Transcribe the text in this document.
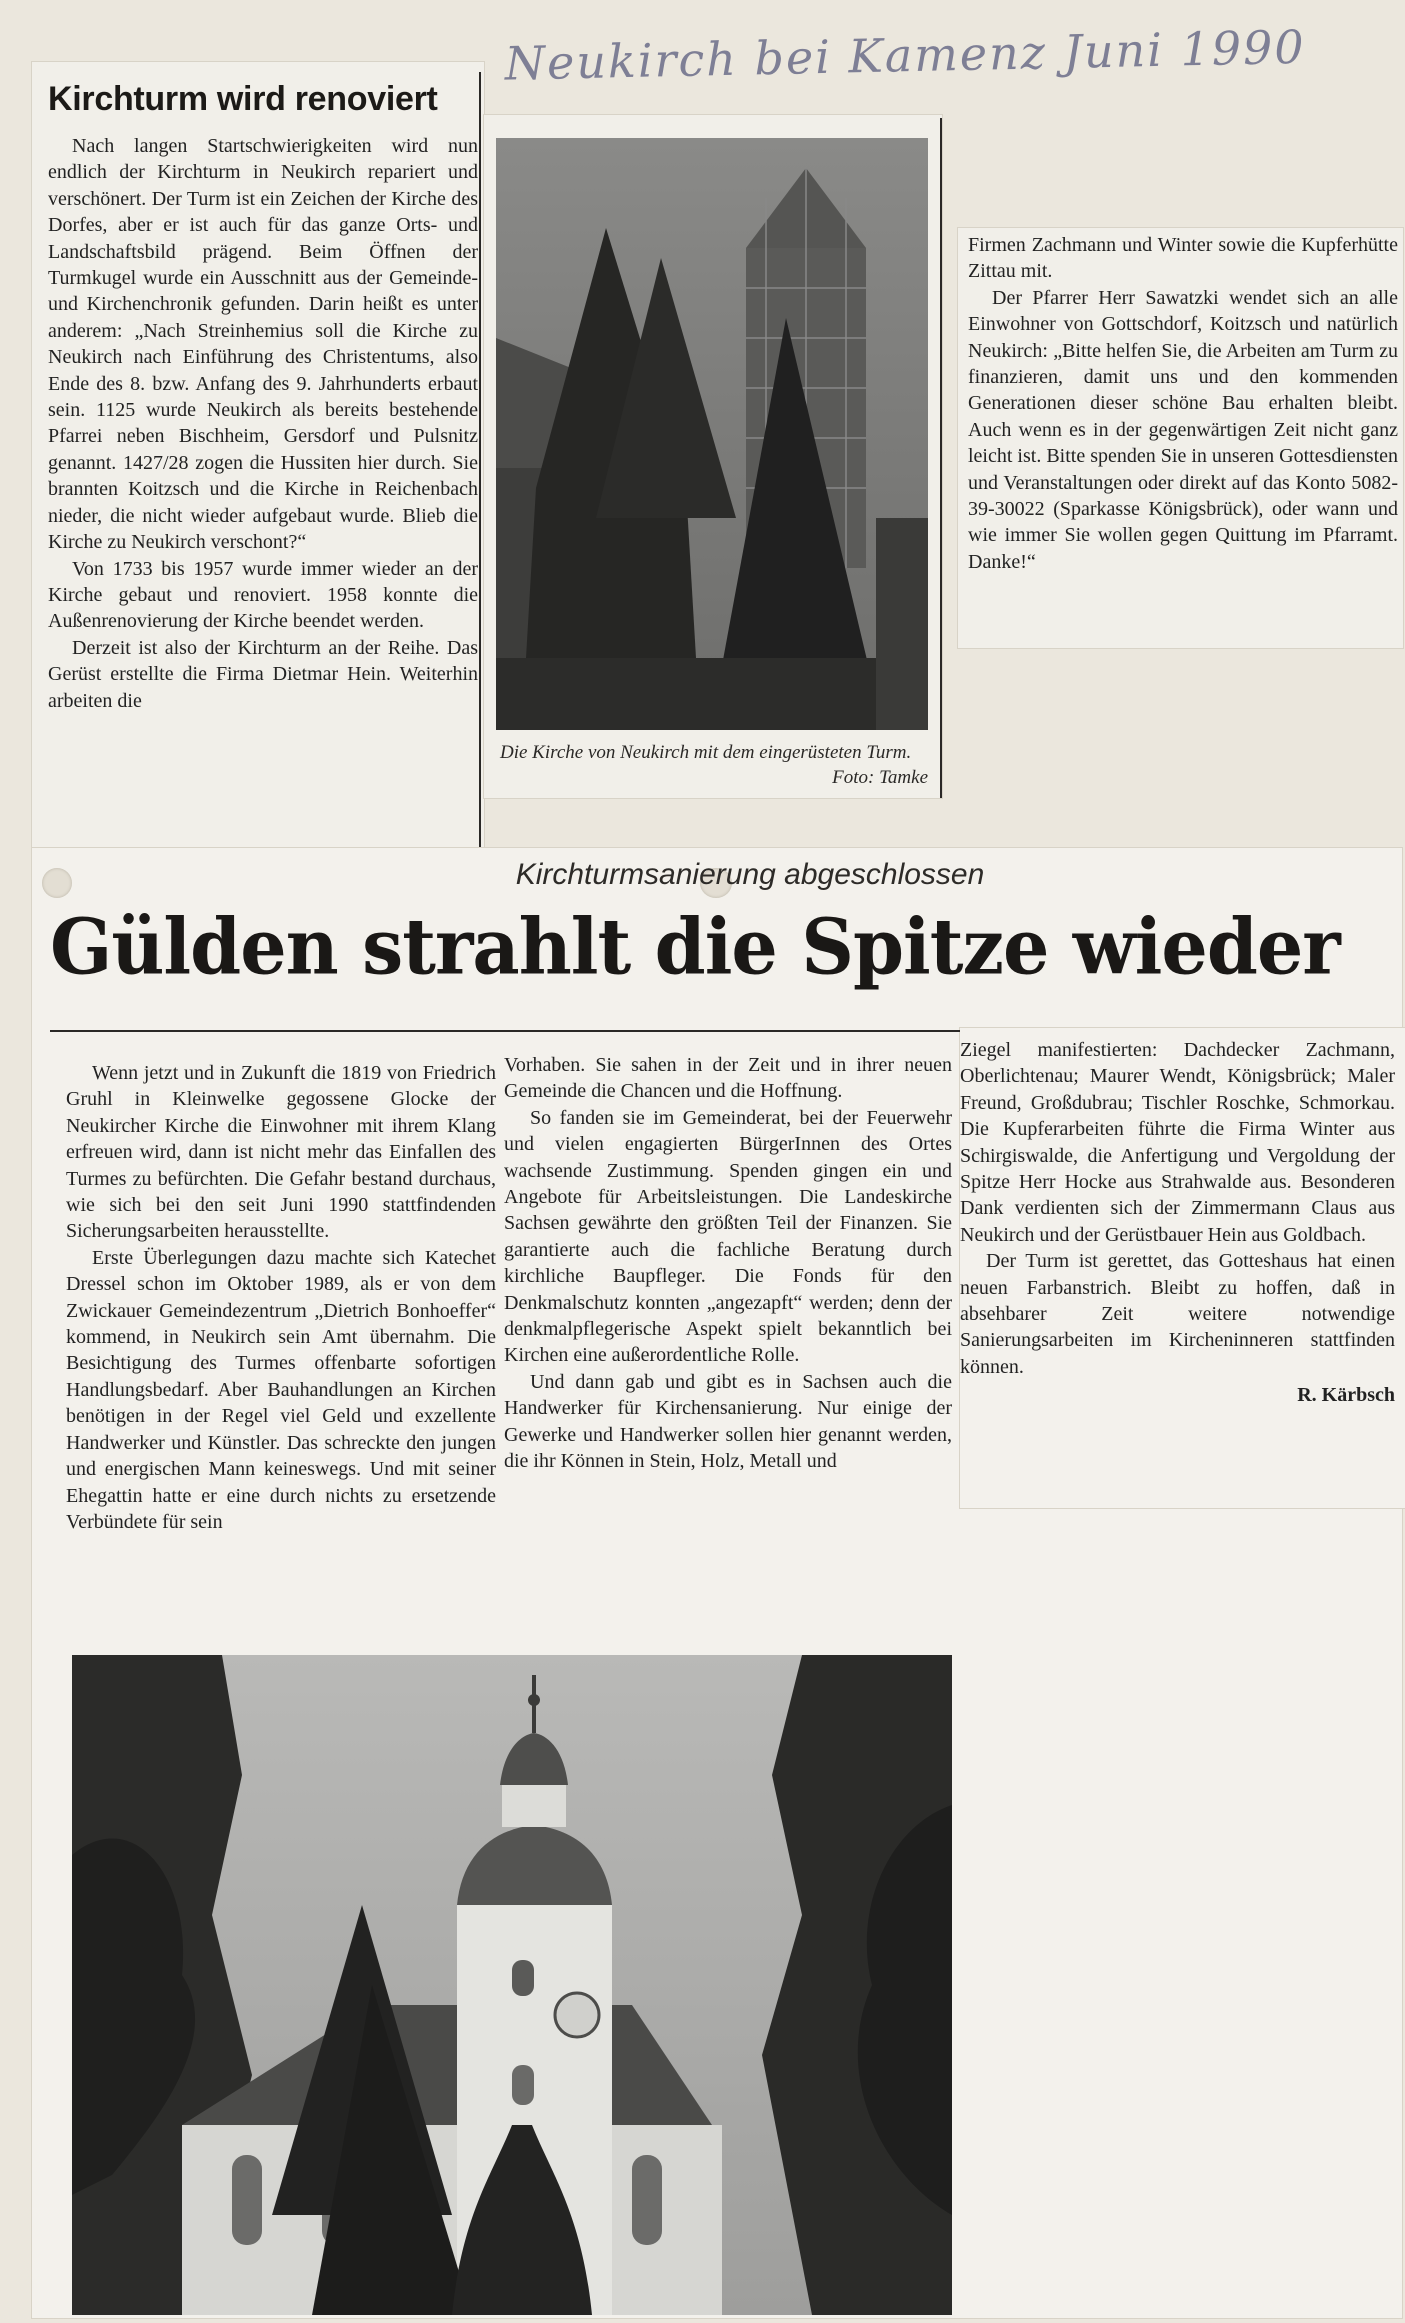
Neukirch bei Kamenz Juni 1990
Kirchturm wird renoviert

Nach langen Startschwierigkeiten wird nun endlich der Kirchturm in Neukirch repariert und verschönert. Der Turm ist ein Zeichen der Kirche des Dorfes, aber er ist auch für das ganze Orts- und Landschaftsbild prägend. Beim Öffnen der Turmkugel wurde ein Ausschnitt aus der Gemeinde- und Kirchenchronik gefunden. Darin heißt es unter anderem: „Nach Streinhemius soll die Kirche zu Neukirch nach Einführung des Christentums, also Ende des 8. bzw. Anfang des 9. Jahrhunderts erbaut sein. 1125 wurde Neukirch als bereits bestehende Pfarrei neben Bischheim, Gersdorf und Pulsnitz genannt. 1427/28 zogen die Hussiten hier durch. Sie brannten Koitzsch und die Kirche in Reichenbach nieder, die nicht wieder aufgebaut wurde. Blieb die Kirche zu Neukirch verschont?“

Von 1733 bis 1957 wurde immer wieder an der Kirche gebaut und renoviert. 1958 konnte die Außenrenovierung der Kirche beendet werden.

Derzeit ist also der Kirchturm an der Reihe. Das Gerüst erstellte die Firma Dietmar Hein. Weiterhin arbeiten die

Die Kirche von Neukirch mit dem eingerüsteten Turm.
Foto: Tamke

Firmen Zachmann und Winter sowie die Kupferhütte Zittau mit.

Der Pfarrer Herr Sawatzki wendet sich an alle Einwohner von Gottschdorf, Koitzsch und natürlich Neukirch: „Bitte helfen Sie, die Arbeiten am Turm zu finanzieren, damit uns und den kommenden Generationen dieser schöne Bau erhalten bleibt. Auch wenn es in der gegenwärtigen Zeit nicht ganz leicht ist. Bitte spenden Sie in unseren Gottesdiensten und Veranstaltungen oder direkt auf das Konto 5082-39-30022 (Sparkasse Königsbrück), oder wann und wie immer Sie wollen gegen Quittung im Pfarramt. Danke!“

Kirchturmsanierung abgeschlossen
Gülden strahlt die Spitze wieder

Wenn jetzt und in Zukunft die 1819 von Friedrich Gruhl in Kleinwelke gegossene Glocke der Neukircher Kirche die Einwohner mit ihrem Klang erfreuen wird, dann ist nicht mehr das Einfallen des Turmes zu befürchten. Die Gefahr bestand durchaus, wie sich bei den seit Juni 1990 stattfindenden Sicherungsarbeiten herausstellte.

Erste Überlegungen dazu machte sich Katechet Dressel schon im Oktober 1989, als er von dem Zwickauer Gemeindezentrum „Dietrich Bonhoeffer“ kommend, in Neukirch sein Amt übernahm. Die Besichtigung des Turmes offenbarte sofortigen Handlungsbedarf. Aber Bauhandlungen an Kirchen benötigen in der Regel viel Geld und exzellente Handwerker und Künstler. Das schreckte den jungen und energischen Mann keineswegs. Und mit seiner Ehegattin hatte er eine durch nichts zu ersetzende Verbündete für sein

Vorhaben. Sie sahen in der Zeit und in ihrer neuen Gemeinde die Chancen und die Hoffnung.

So fanden sie im Gemeinderat, bei der Feuerwehr und vielen engagierten BürgerInnen des Ortes wachsende Zustimmung. Spenden gingen ein und Angebote für Arbeitsleistungen. Die Landeskirche Sachsen gewährte den größten Teil der Finanzen. Sie garantierte auch die fachliche Beratung durch kirchliche Baupfleger. Die Fonds für den Denkmalschutz konnten „angezapft“ werden; denn der denkmalpflegerische Aspekt spielt bekanntlich bei Kirchen eine außerordentliche Rolle.

Und dann gab und gibt es in Sachsen auch die Handwerker für Kirchensanierung. Nur einige der Gewerke und Handwerker sollen hier genannt werden, die ihr Können in Stein, Holz, Metall und

Ziegel manifestierten: Dachdecker Zachmann, Oberlichtenau; Maurer Wendt, Königsbrück; Maler Freund, Großdubrau; Tischler Roschke, Schmorkau. Die Kupferarbeiten führte die Firma Winter aus Schirgiswalde, die Anfertigung und Vergoldung der Spitze Herr Hocke aus Strahwalde aus. Besonderen Dank verdienten sich der Zimmermann Claus aus Neukirch und der Gerüstbauer Hein aus Goldbach.

Der Turm ist gerettet, das Gotteshaus hat einen neuen Farbanstrich. Bleibt zu hoffen, daß in absehbarer Zeit weitere notwendige Sanierungsarbeiten im Kircheninneren stattfinden können.

R. Kärbsch
